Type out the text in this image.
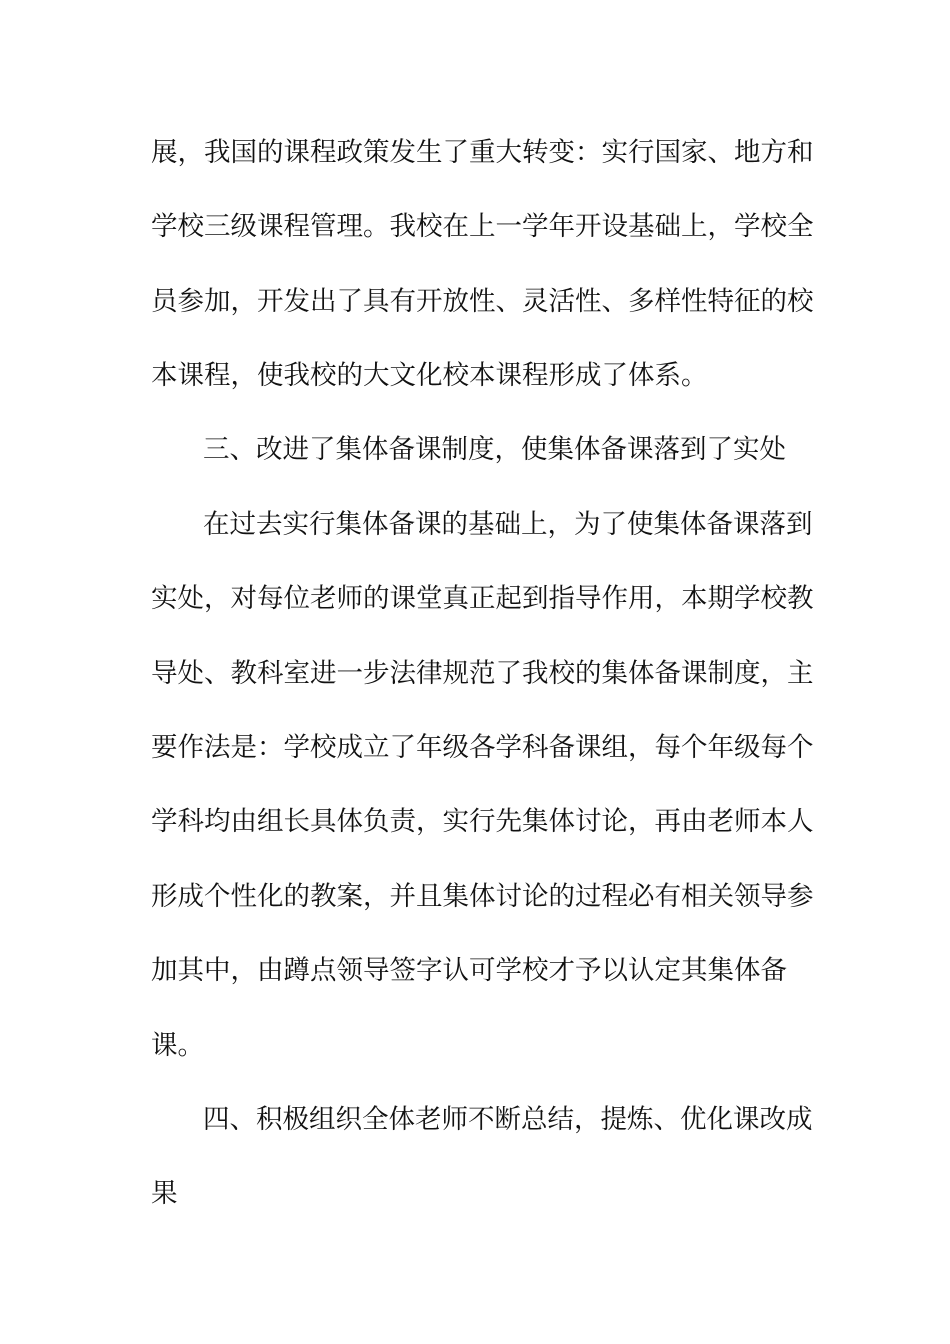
展，我国的课程政策发生了重大转变：实行国家、地方和
学校三级课程管理。我校在上一学年开设基础上，学校全
员参加，开发出了具有开放性、灵活性、多样性特征的校
本课程，使我校的大文化校本课程形成了体系。
三、改进了集体备课制度，使集体备课落到了实处
在过去实行集体备课的基础上，为了使集体备课落到
实处，对每位老师的课堂真正起到指导作用，本期学校教
导处、教科室进一步法律规范了我校的集体备课制度，主
要作法是：学校成立了年级各学科备课组，每个年级每个
学科均由组长具体负责，实行先集体讨论，再由老师本人
形成个性化的教案，并且集体讨论的过程必有相关领导参
加其中，由蹲点领导签字认可学校才予以认定其集体备
课。
四、积极组织全体老师不断总结，提炼、优化课改成
果
